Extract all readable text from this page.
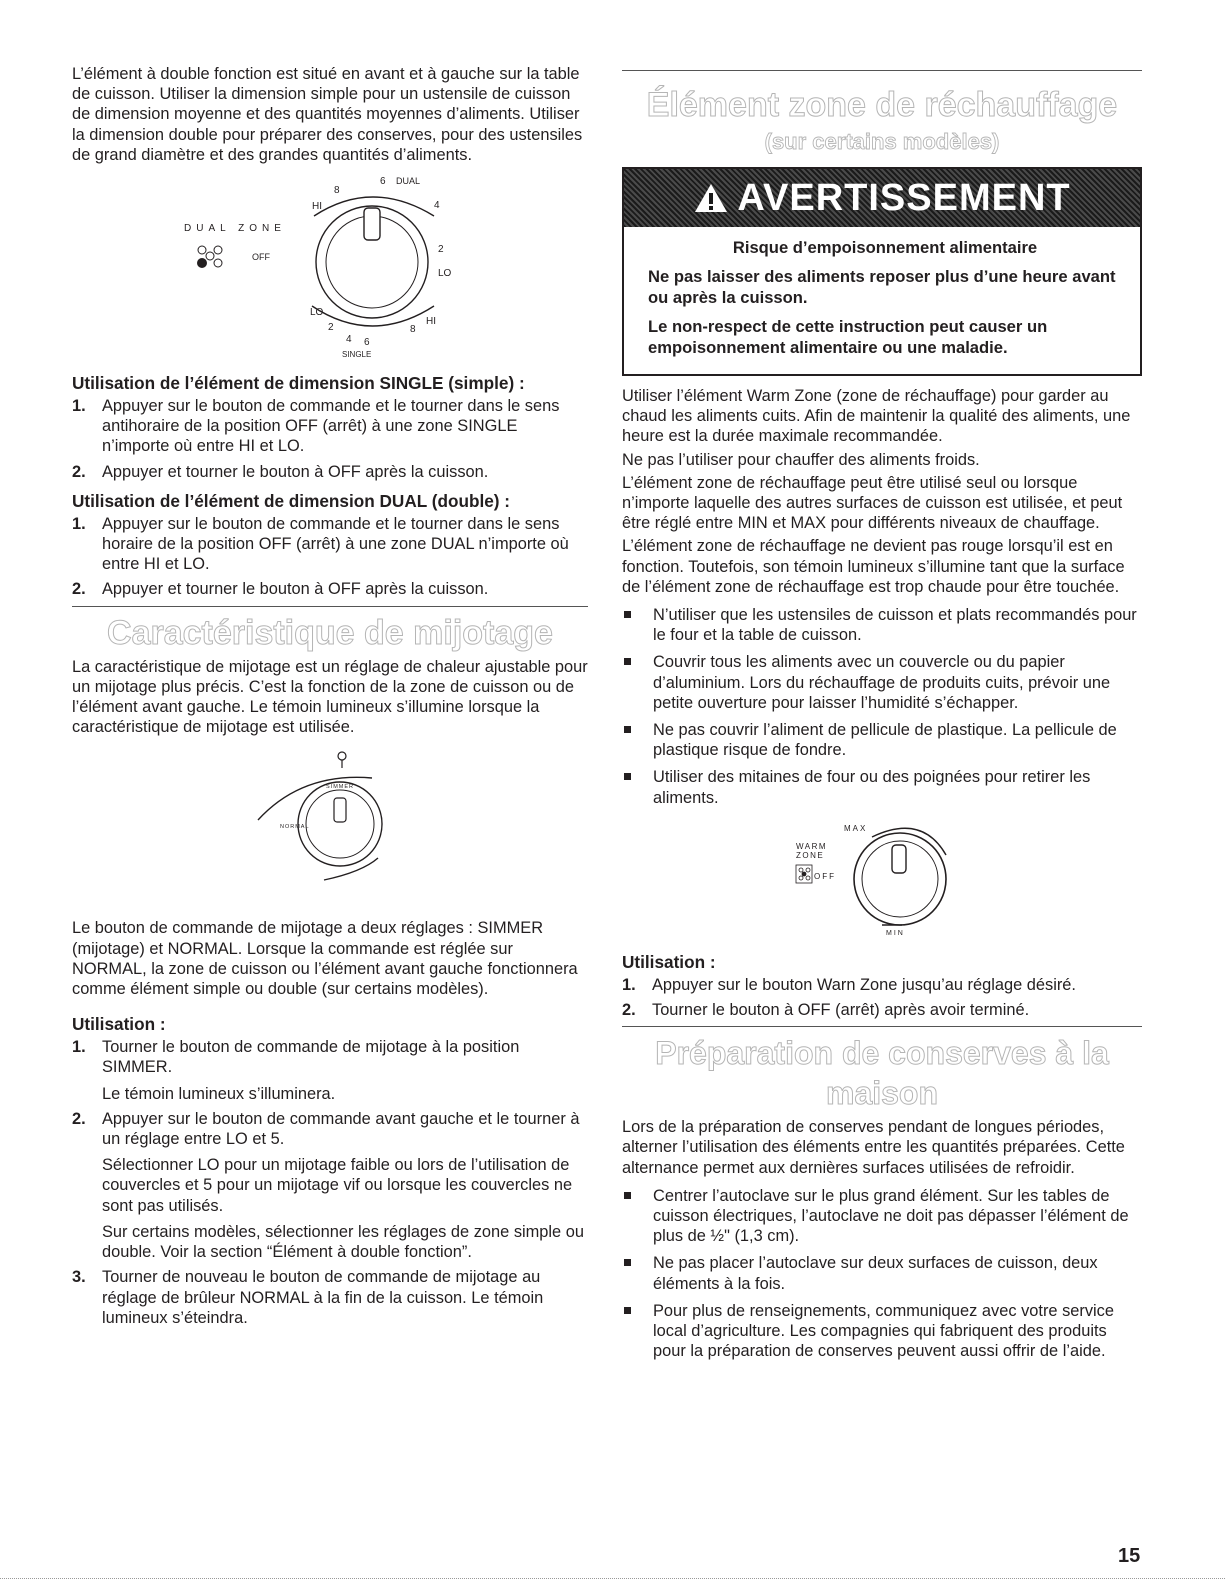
L’élément à double fonction est situé en avant et à gauche sur la table de cuisson. Utiliser la dimension simple pour un ustensile de cuisson de dimension moyenne et des quantités moyennes d’aliments. Utiliser la dimension double pour préparer des conserves, pour des ustensiles de grand diamètre et des grandes quantités d’aliments.

DUAL
6
8
HI	4
DUAL ZONE
2
LO
OFF
LO
2
4 6
8
HI
SINGLE
Utilisation de l’élément de dimension SINGLE (simple) :
1. Appuyer sur le bouton de commande et le tourner dans le sens antihoraire de la position OFF (arrêt) à une zone SINGLE n’importe où entre HI et LO.
2. Appuyer et tourner le bouton à OFF après la cuisson.
Utilisation de l’élément de dimension DUAL (double) :
1. Appuyer sur le bouton de commande et le tourner dans le sens horaire de la position OFF (arrêt) à une zone DUAL n’importe où entre HI et LO.
2. Appuyer et tourner le bouton à OFF après la cuisson.
Caractéristique de mijotage

La caractéristique de mijotage est un réglage de chaleur ajustable pour un mijotage plus précis. C’est la fonction de la zone de cuisson ou de l’élément avant gauche. Le témoin lumineux s’illumine lorsque la caractéristique de mijotage est utilisée.

SIMMER
NORMAL

Le bouton de commande de mijotage a deux réglages : SIMMER (mijotage) et NORMAL. Lorsque la commande est réglée sur NORMAL, la zone de cuisson ou l’élément avant gauche fonctionnera comme élément simple ou double (sur certains modèles).

Utilisation :
1. Tourner le bouton de commande de mijotage à la position SIMMER.

Le témoin lumineux s’illuminera.

2. Appuyer sur le bouton de commande avant gauche et le tourner à un réglage entre LO et 5.

Sélectionner LO pour un mijotage faible ou lors de l’utilisation de couvercles et 5 pour un mijotage vif ou lorsque les couvercles ne sont pas utilisés.

Sur certains modèles, sélectionner les réglages de zone simple ou double. Voir la section “Élément à double fonction”.

3. Tourner de nouveau le bouton de commande de mijotage au réglage de brûleur NORMAL à la fin de la cuisson. Le témoin lumineux s’éteindra.
Élément zone de réchauffage
(sur certains modèles)
AVERTISSEMENT

Risque d’empoisonnement alimentaire

Ne pas laisser des aliments reposer plus d’une heure avant ou après la cuisson.

Le non-respect de cette instruction peut causer un empoisonnement alimentaire ou une maladie.

Utiliser l’élément Warm Zone (zone de réchauffage) pour garder au chaud les aliments cuits. Afin de maintenir la qualité des aliments, une heure est la durée maximale recommandée.

Ne pas l’utiliser pour chauffer des aliments froids.

L’élément zone de réchauffage peut être utilisé seul ou lorsque n’importe laquelle des autres surfaces de cuisson est utilisée, et peut être réglé entre MIN et MAX pour différents niveaux de chauffage.

L’élément zone de réchauffage ne devient pas rouge lorsqu’il est en fonction. Toutefois, son témoin lumineux s’illumine tant que la surface de l’élément zone de réchauffage est trop chaude pour être touchée.

N’utiliser que les ustensiles de cuisson et plats recommandés pour le four et la table de cuisson.
Couvrir tous les aliments avec un couvercle ou du papier d’aluminium. Lors du réchauffage de produits cuits, prévoir une petite ouverture pour laisser l’humidité s’échapper.
Ne pas couvrir l’aliment de pellicule de plastique. La pellicule de plastique risque de fondre.
Utiliser des mitaines de four ou des poignées pour retirer les aliments.
MAX
WARM
ZONE
OFF
MIN
Utilisation :
1. Appuyer sur le bouton Warn Zone jusqu’au réglage désiré.
2. Tourner le bouton à OFF (arrêt) après avoir terminé.
Préparation de conserves à la maison

Lors de la préparation de conserves pendant de longues périodes, alterner l’utilisation des éléments entre les quantités préparées. Cette alternance permet aux dernières surfaces utilisées de refroidir.

Centrer l’autoclave sur le plus grand élément. Sur les tables de cuisson électriques, l’autoclave ne doit pas dépasser l’élément de plus de ½" (1,3 cm).
Ne pas placer l’autoclave sur deux surfaces de cuisson, deux éléments à la fois.
Pour plus de renseignements, communiquez avec votre service local d’agriculture. Les compagnies qui fabriquent des produits pour la préparation de conserves peuvent aussi offrir de l’aide.
15
